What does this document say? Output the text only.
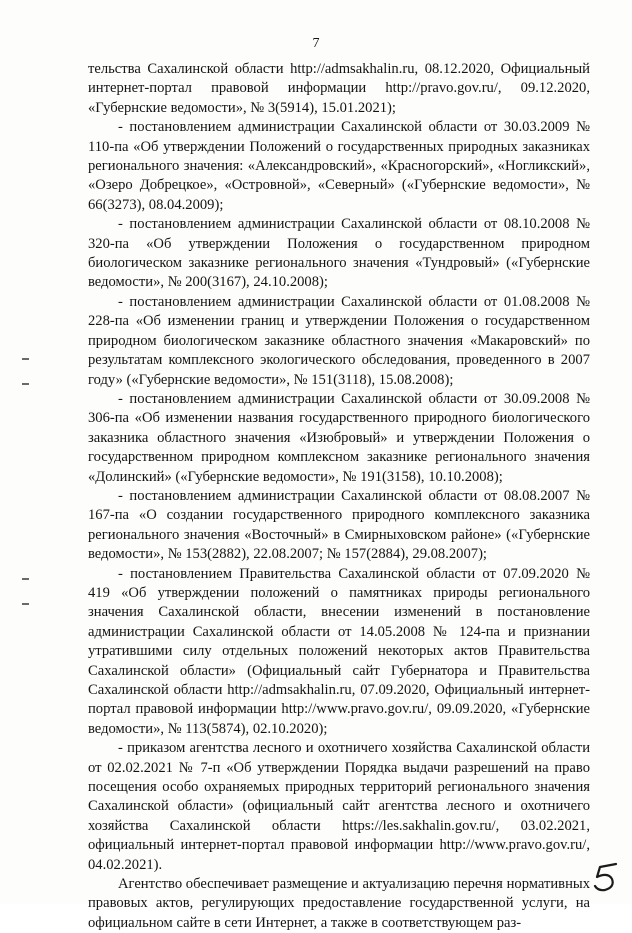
7

тельства Сахалинской области http://admsakhalin.ru, 08.12.2020, Официальный интернет-портал правовой информации http://pravo.gov.ru/, 09.12.2020, «Губернские ведомости», № 3(5914), 15.01.2021);

- постановлением администрации Сахалинской области от 30.03.2009 № 110-па «Об утверждении Положений о государственных природных заказниках регионального значения: «Александровский», «Красногорский», «Ногликский», «Озеро Добрецкое», «Островной», «Северный» («Губернские ведомости», № 66(3273), 08.04.2009);

- постановлением администрации Сахалинской области от 08.10.2008 № 320-па «Об утверждении Положения о государственном природном биологическом заказнике регионального значения «Тундровый» («Губернские ведомости», № 200(3167), 24.10.2008);

- постановлением администрации Сахалинской области от 01.08.2008 № 228-па «Об изменении границ и утверждении Положения о государственном природном биологическом заказнике областного значения «Макаровский» по результатам комплексного экологического обследования, проведенного в 2007 году» («Губернские ведомости», № 151(3118), 15.08.2008);

- постановлением администрации Сахалинской области от 30.09.2008 № 306-па «Об изменении названия государственного природного биологического заказника областного значения «Изюбровый» и утверждении Положения о государственном природном комплексном заказнике регионального значения «Долинский» («Губернские ведомости», № 191(3158), 10.10.2008);

- постановлением администрации Сахалинской области от 08.08.2007 № 167-па «О создании государственного природного комплексного заказника регионального значения «Восточный» в Смирныховском районе» («Губернские ведомости», № 153(2882), 22.08.2007; № 157(2884), 29.08.2007);

- постановлением Правительства Сахалинской области от 07.09.2020 № 419 «Об утверждении положений о памятниках природы регионального значения Сахалинской области, внесении изменений в постановление администрации Сахалинской области от 14.05.2008 № 124-па и признании утратившими силу отдельных положений некоторых актов Правительства Сахалинской области» (Официальный сайт Губернатора и Правительства Сахалинской области http://admsakhalin.ru, 07.09.2020, Официальный интернет-портал правовой информации http://www.pravo.gov.ru/, 09.09.2020, «Губернские ведомости», № 113(5874), 02.10.2020);

- приказом агентства лесного и охотничего хозяйства Сахалинской области от 02.02.2021 № 7-п «Об утверждении Порядка выдачи разрешений на право посещения особо охраняемых природных территорий регионального значения Сахалинской области» (официальный сайт агентства лесного и охотничего хозяйства Сахалинской области https://les.sakhalin.gov.ru/, 03.02.2021, официальный интернет-портал правовой информации http://www.pravo.gov.ru/, 04.02.2021).

Агентство обеспечивает размещение и актуализацию перечня нормативных правовых актов, регулирующих предоставление государственной услуги, на официальном сайте в сети Интернет, а также в соответствующем раз-
